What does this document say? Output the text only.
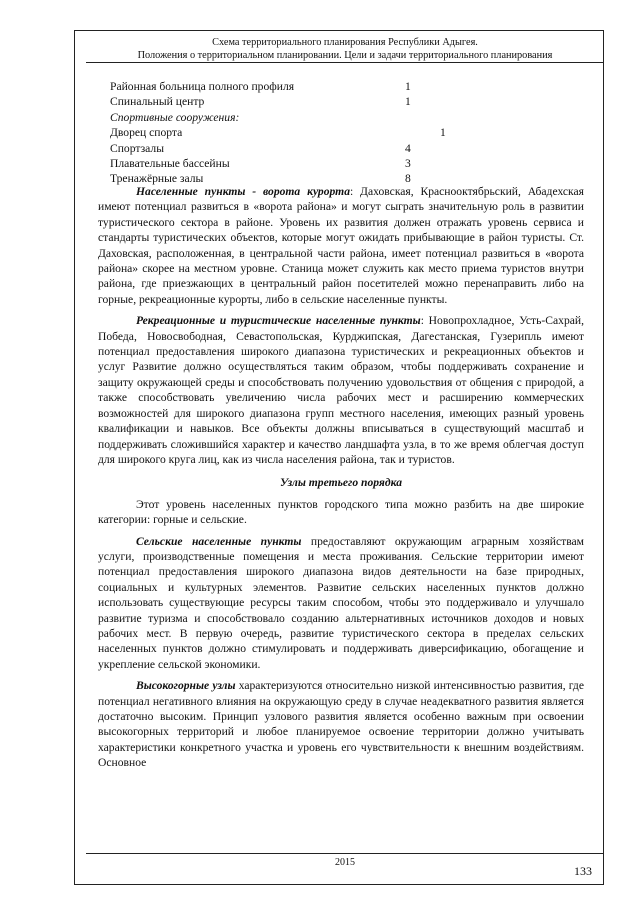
Схема территориального планирования Республики Адыгея.
Положения о территориальном планировании. Цели и задачи территориального планирования
Районная больница полного профиля	1
Спинальный центр	1
Спортивные сооружения:
Дворец спорта	1
Спортзалы	4
Плавательные бассейны	3
Тренажёрные залы	8

Населенные пункты - ворота курорта: Даховская, Краснооктябрьский, Абадехская имеют потенциал развиться в «ворота района» и могут сыграть значительную роль в развитии туристического сектора в районе. Уровень их развития должен отражать уровень сервиса и стандарты туристических объектов, которые могут ожидать прибывающие в район туристы. Ст. Даховская, расположенная, в центральной части района, имеет потенциал развиться в «ворота района» скорее на местном уровне. Станица может служить как место приема туристов внутри района, где приезжающих в центральный район посетителей можно перенаправить либо на горные, рекреационные курорты, либо в сельские населенные пункты.

Рекреационные и туристические населенные пункты: Новопрохладное, Усть-Сахрай, Победа, Новосвободная, Севастопольская, Курджипская, Дагестанская, Гузерипль имеют потенциал предоставления широкого диапазона туристических и рекреационных объектов и услуг Развитие должно осуществляться таким образом, чтобы поддерживать сохранение и защиту окружающей среды и способствовать получению удовольствия от общения с природой, а также способствовать увеличению числа рабочих мест и расширению коммерческих возможностей для широкого диапазона групп местного населения, имеющих разный уровень квалификации и навыков. Все объекты должны вписываться в существующий масштаб и поддерживать сложившийся характер и качество ландшафта узла, в то же время облегчая доступ для широкого круга лиц, как из числа населения района, так и туристов.

Узлы третьего порядка

Этот уровень населенных пунктов городского типа можно разбить на две широкие категории: горные и сельские.

Сельские населенные пункты предоставляют окружающим аграрным хозяйствам услуги, производственные помещения и места проживания. Сельские территории имеют потенциал предоставления широкого диапазона видов деятельности на базе природных, социальных и культурных элементов. Развитие сельских населенных пунктов должно использовать существующие ресурсы таким способом, чтобы это поддерживало и улучшало развитие туризма и способствовало созданию альтернативных источников доходов и новых рабочих мест. В первую очередь, развитие туристического сектора в пределах сельских населенных пунктов должно стимулировать и поддерживать диверсификацию, обогащение и укрепление сельской экономики.

Высокогорные узлы характеризуются относительно низкой интенсивностью развития, где потенциал негативного влияния на окружающую среду в случае неадекватного развития является достаточно высоким. Принцип узлового развития является особенно важным при освоении высокогорных территорий и любое планируемое освоение территории должно учитывать характеристики конкретного участка и уровень его чувствительности к внешним воздействиям. Основное

2015
133
